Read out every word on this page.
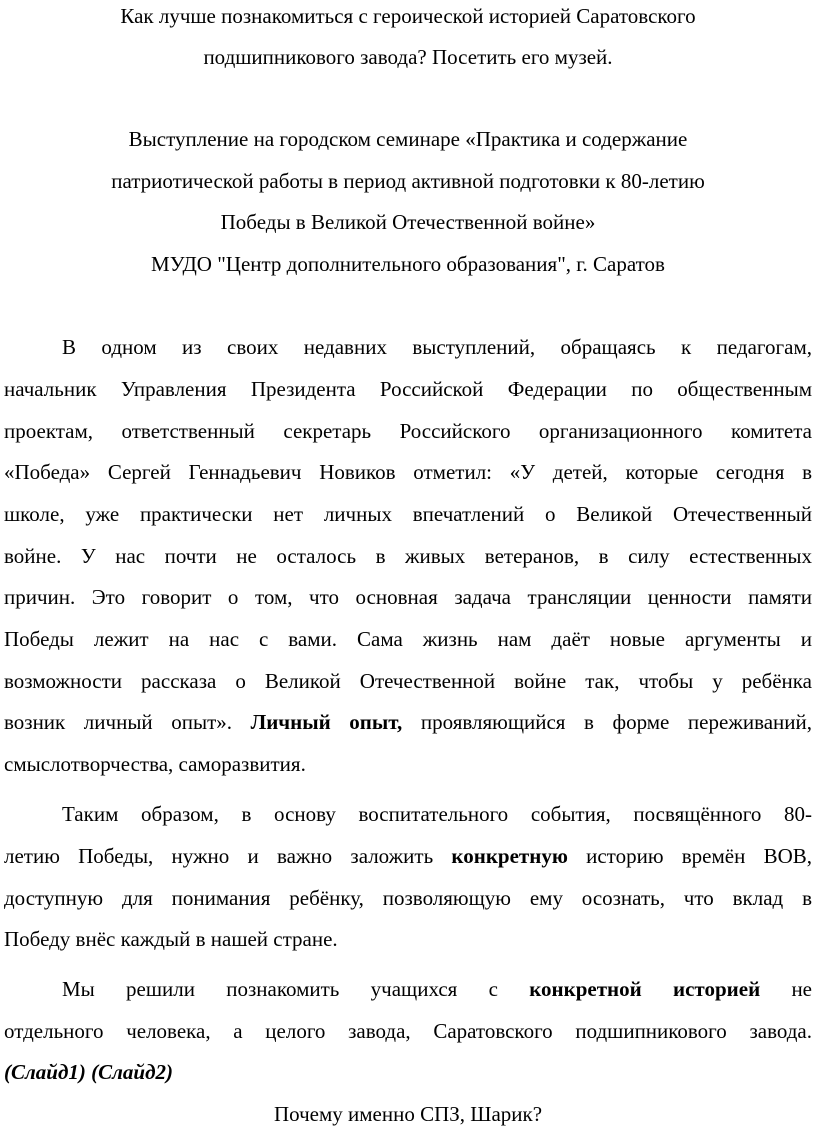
Как лучше познакомиться с героической историей Саратовского
подшипникового завода? Посетить его музей.
Выступление на городском семинаре «Практика и содержание
патриотической работы в период активной подготовки к 80-летию
Победы в Великой Отечественной войне»
МУДО "Центр дополнительного образования", г. Саратов
В одном из своих недавних выступлений, обращаясь к педагогам,
начальник Управления Президента Российской Федерации по общественным
проектам, ответственный секретарь Российского организационного комитета
«Победа» Сергей Геннадьевич Новиков отметил: «У детей, которые сегодня в
школе, уже практически нет личных впечатлений о Великой Отечественный
войне. У нас почти не осталось в живых ветеранов, в силу естественных
причин. Это говорит о том, что основная задача трансляции ценности памяти
Победы лежит на нас с вами. Сама жизнь нам даёт новые аргументы и
возможности рассказа о Великой Отечественной войне так, чтобы у ребёнка
возник личный опыт». Личный опыт, проявляющийся в форме переживаний,
смыслотворчества, саморазвития.
Таким образом, в основу воспитательного события, посвящённого 80-
летию Победы, нужно и важно заложить конкретную историю времён ВОВ,
доступную для понимания ребёнку, позволяющую ему осознать, что вклад в
Победу внёс каждый в нашей стране.
Мы решили познакомить учащихся с конкретной историей не
отдельного человека, а целого завода, Саратовского подшипникового завода.
(Слайд1) (Слайд2)
Почему именно СПЗ, Шарик?
